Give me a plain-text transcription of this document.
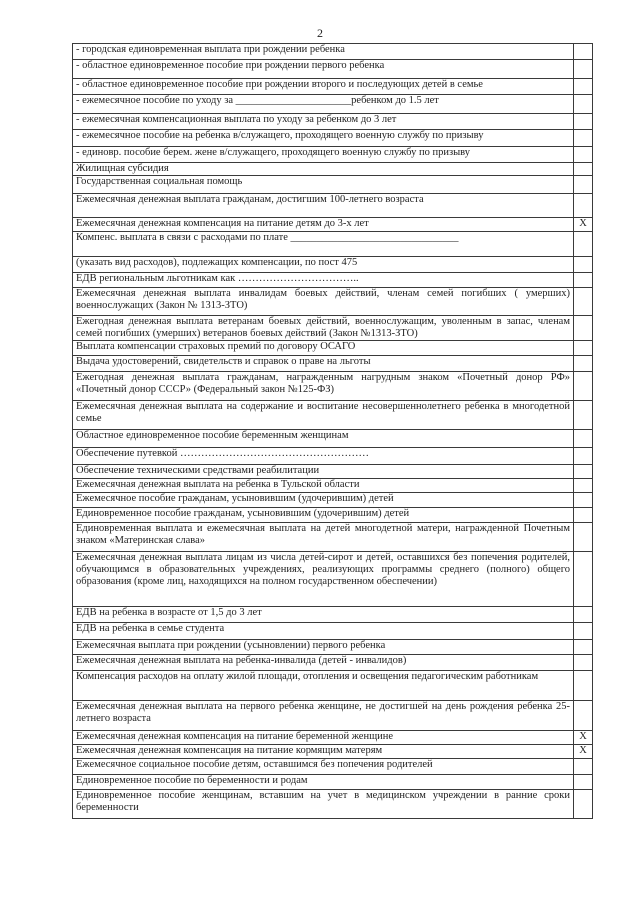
2
- городская единовременная выплата при рождении ребенка	
- областное единовременное пособие при рождении первого ребенка	
- областное единовременное пособие при рождении второго и последующих детей в семье	
- ежемесячное пособие по уходу за ______________________ребенком до 1.5 лет	
- ежемесячная компенсационная выплата по уходу за ребенком до 3 лет	
- ежемесячное пособие на ребенка в/служащего, проходящего военную службу по призыву	
- единовр. пособие берем. жене в/служащего, проходящего военную службу по призыву	
Жилищная субсидия	
Государственная социальная помощь	
Ежемесячная денежная выплата гражданам, достигшим 100-летнего возраста	
Ежемесячная денежная компенсация на питание детям до 3-х лет	X
Компенс. выплата в связи с расходами по плате ________________________________	
(указать вид расходов), подлежащих компенсации, по пост 475	
ЕДВ региональным льготникам как ……………………………..	
Ежемесячная денежная выплата инвалидам боевых действий, членам семей погибших ( умерших) военнослужащих (Закон № 1313-ЗТО)	
Ежегодная денежная выплата ветеранам боевых действий, военнослужащим, уволенным в запас, членам семей погибших (умерших) ветеранов боевых действий (Закон №1313-ЗТО)	
Выплата компенсации страховых премий по договору ОСАГО	
Выдача удостоверений, свидетельств и справок о праве на льготы	
Ежегодная денежная выплата гражданам, награжденным нагрудным знаком «Почетный донор РФ» «Почетный донор СССР» (Федеральный закон №125-ФЗ)	
Ежемесячная денежная выплата на содержание и воспитание несовершеннолетнего ребенка в многодетной семье	
Областное единовременное пособие беременным женщинам	
Обеспечение путевкой ………………………………………………	
Обеспечение техническими средствами реабилитации	
Ежемесячная денежная выплата на ребенка в Тульской области	
Ежемесячное пособие гражданам, усыновившим (удочерившим) детей	
Единовременное пособие гражданам, усыновившим (удочерившим) детей	
Единовременная выплата и ежемесячная выплата на детей многодетной матери, награжденной Почетным знаком «Материнская слава»	
Ежемесячная денежная выплата лицам из числа детей-сирот и детей, оставшихся без попечения родителей, обучающимся в образовательных учреждениях, реализующих программы среднего (полного) общего образования (кроме лиц, находящихся на полном государственном обеспечении)	
ЕДВ на ребенка в возрасте от 1,5 до 3 лет	
ЕДВ на ребенка в семье студента	
Ежемесячная выплата при рождении (усыновлении) первого ребенка	
Ежемесячная денежная выплата на ребенка-инвалида (детей - инвалидов)	
Компенсация расходов на оплату жилой площади, отопления и освещения педагогическим работникам	
Ежемесячная денежная выплата на первого ребенка женщине, не достигшей на день рождения ребенка 25-летнего возраста	
Ежемесячная денежная компенсация на питание беременной женщине	X
Ежемесячная денежная компенсация на питание кормящим матерям	X
Ежемесячное социальное пособие детям, оставшимся без попечения родителей	
Единовременное пособие по беременности и родам	
Единовременное пособие женщинам, вставшим на учет в медицинском учреждении в ранние сроки беременности	
